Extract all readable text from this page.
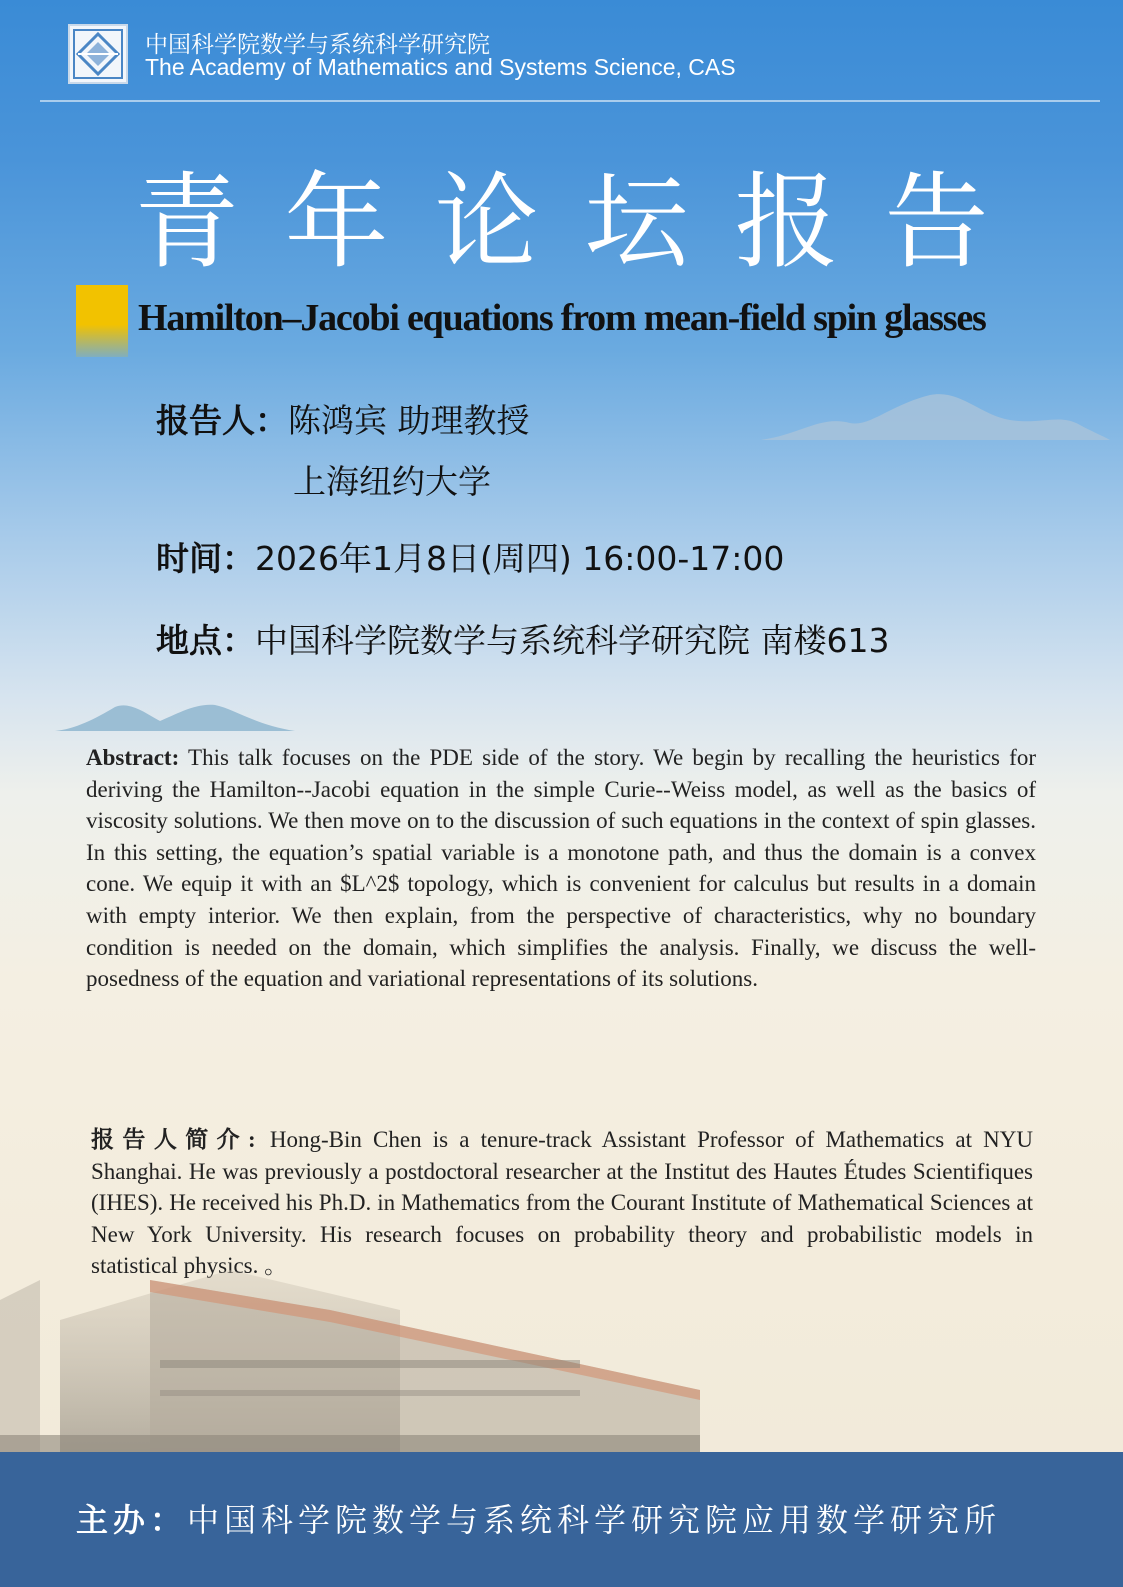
中国科学院数学与系统科学研究院
The Academy of Mathematics and Systems Science, CAS
青年论坛报告
Hamilton–Jacobi equations from mean-field spin glasses
报告人：陈鸿宾 助理教授
上海纽约大学
时间：2026年1月8日(周四) 16:00-17:00
地点：中国科学院数学与系统科学研究院 南楼613
Abstract: This talk focuses on the PDE side of the story. We begin by recalling the heuristics for deriving the Hamilton--Jacobi equation in the simple Curie--Weiss model, as well as the basics of viscosity solutions. We then move on to the discussion of such equations in the context of spin glasses. In this setting, the equation’s spatial variable is a monotone path, and thus the domain is a convex cone. We equip it with an $L^2$ topology, which is convenient for calculus but results in a domain with empty interior. We then explain, from the perspective of characteristics, why no boundary condition is needed on the domain, which simplifies the analysis. Finally, we discuss the well-posedness of the equation and variational representations of its solutions.
报告人简介: Hong-Bin Chen is a tenure-track Assistant Professor of Mathematics at NYU Shanghai. He was previously a postdoctoral researcher at the Institut des Hautes Études Scientifiques (IHES). He received his Ph.D. in Mathematics from the Courant Institute of Mathematical Sciences at New York University. His research focuses on probability theory and probabilistic models in statistical physics. 。
主办：中国科学院数学与系统科学研究院应用数学研究所
